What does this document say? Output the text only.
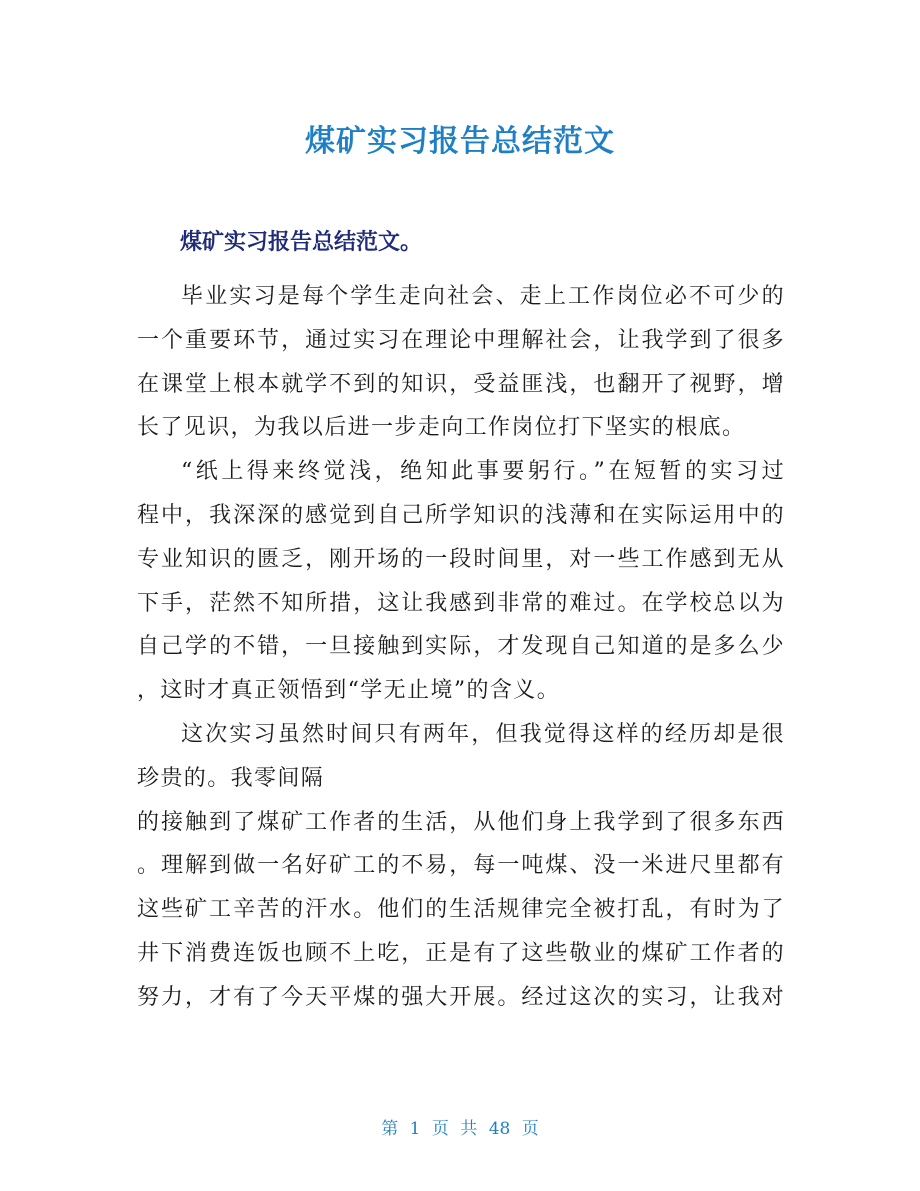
煤矿实习报告总结范文
煤矿实习报告总结范文。
毕业实习是每个学生走向社会、走上工作岗位必不可少的
一个重要环节，通过实习在理论中理解社会，让我学到了很多
在课堂上根本就学不到的知识，受益匪浅，也翻开了视野，增
长了见识，为我以后进一步走向工作岗位打下坚实的根底。
“纸上得来终觉浅，绝知此事要躬行。”在短暂的实习过
程中，我深深的感觉到自己所学知识的浅薄和在实际运用中的
专业知识的匮乏，刚开场的一段时间里，对一些工作感到无从
下手，茫然不知所措，这让我感到非常的难过。在学校总以为
自己学的不错，一旦接触到实际，才发现自己知道的是多么少
，这时才真正领悟到“学无止境”的含义。
这次实习虽然时间只有两年，但我觉得这样的经历却是很
珍贵的。我零间隔
的接触到了煤矿工作者的生活，从他们身上我学到了很多东西
。理解到做一名好矿工的不易，每一吨煤、没一米进尺里都有
这些矿工辛苦的汗水。他们的生活规律完全被打乱，有时为了
井下消费连饭也顾不上吃，正是有了这些敬业的煤矿工作者的
努力，才有了今天平煤的强大开展。经过这次的实习，让我对
第 1 页 共 48 页
